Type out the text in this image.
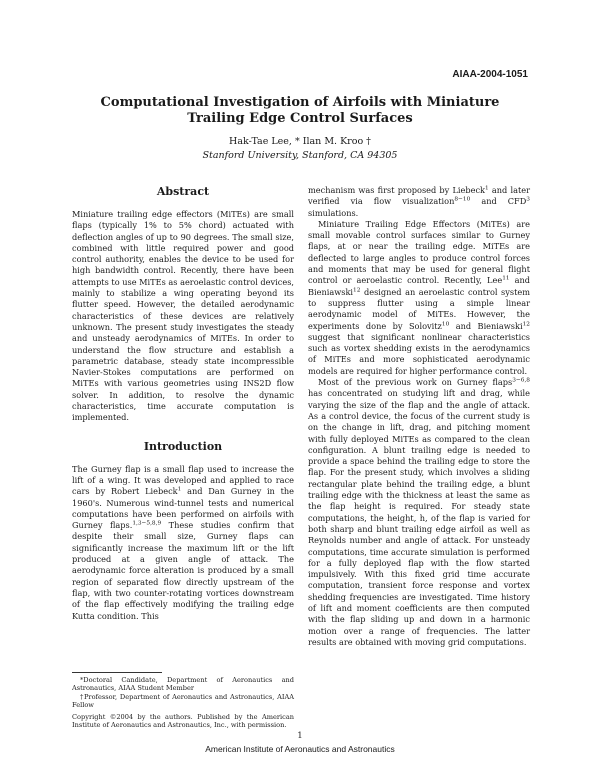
AIAA-2004-1051
Computational Investigation of Airfoils with Miniature Trailing Edge Control Surfaces
Hak-Tae Lee, * Ilan M. Kroo †
Stanford University, Stanford, CA 94305
Abstract

Miniature trailing edge effectors (MiTEs) are small flaps (typically 1% to 5% chord) actuated with deflection angles of up to 90 degrees. The small size, combined with little required power and good control authority, enables the device to be used for high bandwidth control. Recently, there have been attempts to use MiTEs as aeroelastic control devices, mainly to stabilize a wing operating beyond its flutter speed. However, the detailed aerodynamic characteristics of these devices are relatively unknown. The present study investigates the steady and unsteady aerodynamics of MiTEs. In order to understand the flow structure and establish a parametric database, steady state incompressible Navier-Stokes computations are performed on MiTEs with various geometries using INS2D flow solver. In addition, to resolve the dynamic characteristics, time accurate computation is implemented.

Introduction

The Gurney flap is a small flap used to increase the lift of a wing. It was developed and applied to race cars by Robert Liebeck$^1$ and Dan Gurney in the 1960's. Numerous wind-tunnel tests and numerical computations have been performed on airfoils with Gurney flaps.$^{1,3-5,8,9}$ These studies confirm that despite their small size, Gurney flaps can significantly increase the maximum lift or the lift produced at a given angle of attack. The aerodynamic force alteration is produced by a small region of separated flow directly upstream of the flap, with two counter-rotating vortices downstream of the flap effectively modifying the trailing edge Kutta condition. This

mechanism was first proposed by Liebeck$^1$ and later verified via flow visualization$^{8-10}$ and CFD$^3$ simulations.

Miniature Trailing Edge Effectors (MiTEs) are small movable control surfaces similar to Gurney flaps, at or near the trailing edge. MiTEs are deflected to large angles to produce control forces and moments that may be used for general flight control or aeroelastic control. Recently, Lee$^{11}$ and Bieniawski$^{12}$ designed an aeroelastic control system to suppress flutter using a simple linear aerodynamic model of MiTEs. However, the experiments done by Solovitz$^{10}$ and Bieniawski$^{12}$ suggest that significant nonlinear characteristics such as vortex shedding exists in the aerodynamics of MiTEs and more sophisticated aerodynamic models are required for higher performance control.

Most of the previous work on Gurney flaps$^{3-6,8}$ has concentrated on studying lift and drag, while varying the size of the flap and the angle of attack. As a control device, the focus of the current study is on the change in lift, drag, and pitching moment with fully deployed MiTEs as compared to the clean configuration. A blunt trailing edge is needed to provide a space behind the trailing edge to store the flap. For the present study, which involves a sliding rectangular plate behind the trailing edge, a blunt trailing edge with the thickness at least the same as the flap height is required. For steady state computations, the height, h, of the flap is varied for both sharp and blunt trailing edge airfoil as well as Reynolds number and angle of attack. For unsteady computations, time accurate simulation is performed for a fully deployed flap with the flow started impulsively. With this fixed grid time accurate computation, transient force response and vortex shedding frequencies are investigated. Time history of lift and moment coefficients are then computed with the flap sliding up and down in a harmonic motion over a range of frequencies. The latter results are obtained with moving grid computations.

*Doctoral Candidate, Department of Aeronautics and Astronautics, AIAA Student Member

†Professor, Department of Aeronautics and Astronautics, AIAA Fellow

Copyright ©2004 by the authors. Published by the American Institute of Aeronautics and Astronautics, Inc., with permission.

1
American Institute of Aeronautics and Astronautics
